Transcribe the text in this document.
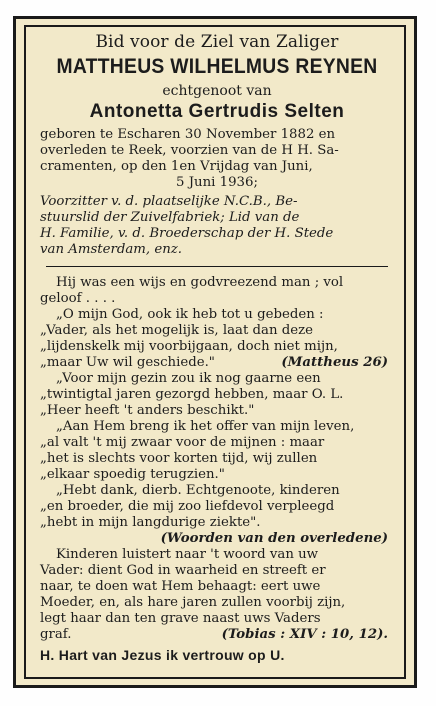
Bid voor de Ziel van Zaliger
MATTHEUS WILHELMUS REYNEN
echtgenoot van
Antonetta Gertrudis Selten
geboren te Escharen 30 November 1882 en
overleden te Reek, voorzien van de H H. Sa-
cramenten, op den 1en Vrijdag van Juni,
5 Juni 1936;
Voorzitter v. d. plaatselijke N.C.B., Be-
stuurslid der Zuivelfabriek; Lid van de
H. Familie, v. d. Broederschap der H. Stede
van Amsterdam, enz.
Hij was een wijs en godvreezend man ; vol
geloof . . . .
„O mijn God, ook ik heb tot u gebeden :
„Vader, als het mogelijk is, laat dan deze
„lijdenskelk mij voorbijgaan, doch niet mijn,
„maar Uw wil geschiede."	(Mattheus 26)
„Voor mijn gezin zou ik nog gaarne een
„twintigtal jaren gezorgd hebben, maar O. L.
„Heer heeft 't anders beschikt."
„Aan Hem breng ik het offer van mijn leven,
„al valt 't mij zwaar voor de mijnen : maar
„het is slechts voor korten tijd, wij zullen
„elkaar spoedig terugzien."
„Hebt dank, dierb. Echtgenoote, kinderen
„en broeder, die mij zoo liefdevol verpleegd
„hebt in mijn langdurige ziekte".
(Woorden van den overledene)
Kinderen luistert naar 't woord van uw
Vader: dient God in waarheid en streeft er
naar, te doen wat Hem behaagt: eert uwe
Moeder, en, als hare jaren zullen voorbij zijn,
legt haar dan ten grave naast uws Vaders
graf.	(Tobias : XIV : 10, 12).
H. Hart van Jezus ik vertrouw op U.
